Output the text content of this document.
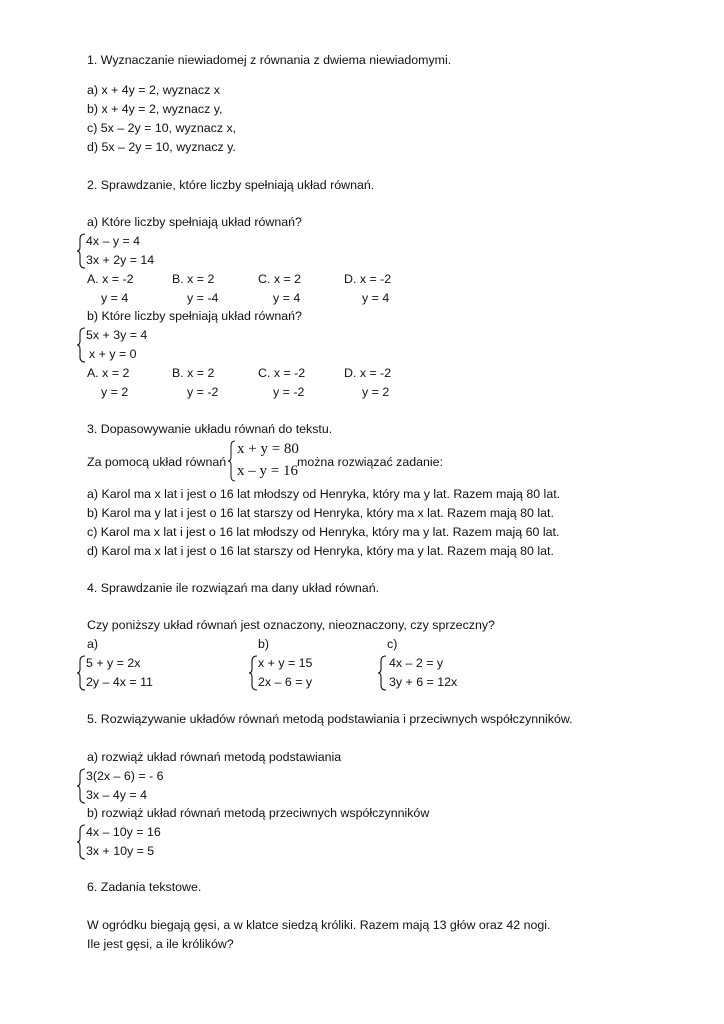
1. Wyznaczanie niewiadomej z równania z dwiema niewiadomymi.
a) x + 4y = 2, wyznacz x
b) x + 4y = 2, wyznacz y,
c) 5x – 2y = 10, wyznacz x,
d) 5x – 2y = 10, wyznacz y.
2. Sprawdzanie, które liczby spełniają układ równań.
a) Które liczby spełniają układ równań?
4x – y = 4
3x + 2y = 14
A. x = -2	B. x = 2	C. x = 2	D. x = -2
y = 4	y = -4	y = 4	y = 4
b) Które liczby spełniają układ równań?
5x + 3y = 4
x + y = 0
A. x = 2	B. x = 2	C. x = -2	D. x = -2
y = 2	y = -2	y = -2	y = 2
3. Dopasowywanie układu równań do tekstu.
Za pomocą układ równań
x + y = 80
x – y = 16
można rozwiązać zadanie:
a) Karol ma x lat i jest o 16 lat młodszy od Henryka, który ma y lat. Razem mają 80 lat.
b) Karol ma y lat i jest o 16 lat starszy od Henryka, który ma x lat. Razem mają 80 lat.
c) Karol ma x lat i jest o 16 lat młodszy od Henryka, który ma y lat. Razem mają 60 lat.
d) Karol ma x lat i jest o 16 lat starszy od Henryka, który ma y lat. Razem mają 80 lat.
4. Sprawdzanie ile rozwiązań ma dany układ równań.
Czy poniższy układ równań jest oznaczony, nieoznaczony, czy sprzeczny?
a)	b)	c)
5 + y = 2x
2y – 4x = 11
x + y = 15
2x – 6 = y
4x – 2 = y
3y + 6 = 12x
5. Rozwiązywanie układów równań metodą podstawiania i przeciwnych współczynników.
a) rozwiąż układ równań metodą podstawiania
3(2x – 6) = - 6
3x – 4y = 4
b) rozwiąż układ równań metodą przeciwnych współczynników
4x – 10y = 16
3x + 10y = 5
6. Zadania tekstowe.
W ogródku biegają gęsi, a w klatce siedzą króliki. Razem mają 13 głów oraz 42 nogi.
Ile jest gęsi, a ile królików?
